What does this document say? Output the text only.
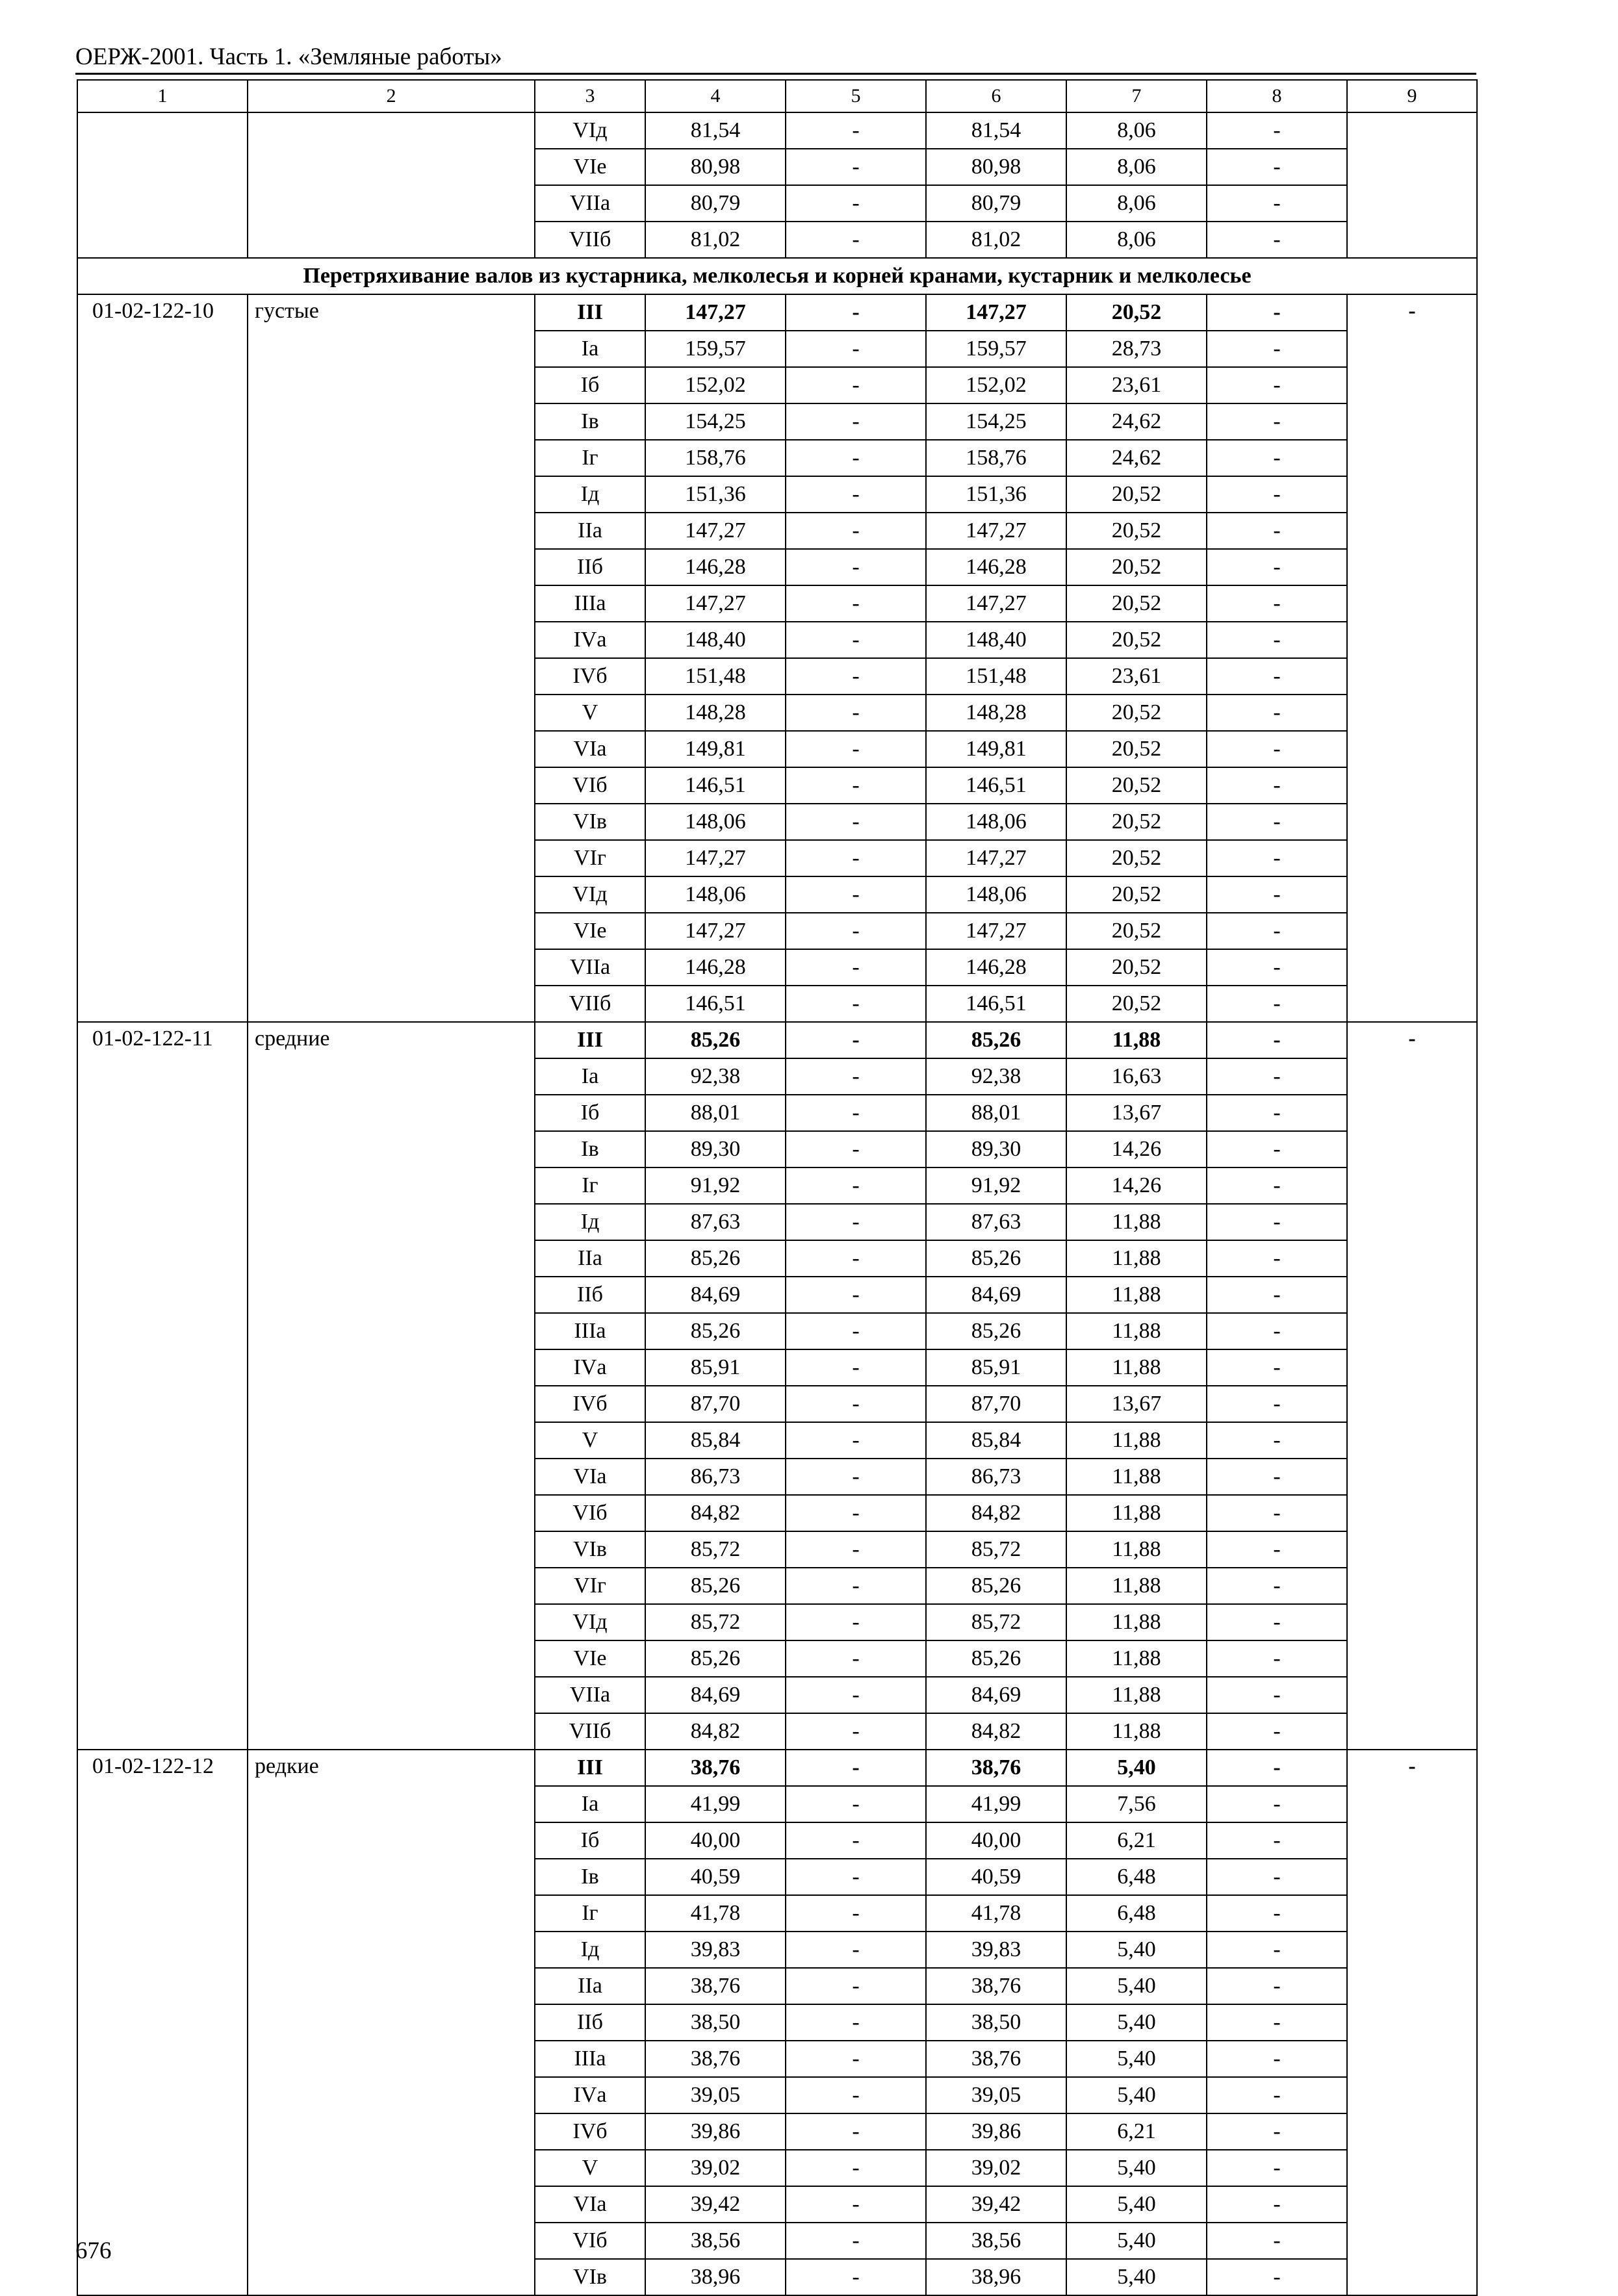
ОЕРЖ-2001. Часть 1. «Земляные работы»
1	2	3	4	5	6	7	8	9
		VIд	81,54	-	81,54	8,06	-	
		VIе	80,98	-	80,98	8,06	-	
		VIIа	80,79	-	80,79	8,06	-	
		VIIб	81,02	-	81,02	8,06	-	
Перетряхивание валов из кустарника, мелколесья и корней кранами, кустарник и мелколесье								
01-02-122-10	густые	III	147,27	-	147,27	20,52	-	-
		Iа	159,57	-	159,57	28,73	-	
		Iб	152,02	-	152,02	23,61	-	
		Iв	154,25	-	154,25	24,62	-	
		Iг	158,76	-	158,76	24,62	-	
		Iд	151,36	-	151,36	20,52	-	
		IIа	147,27	-	147,27	20,52	-	
		IIб	146,28	-	146,28	20,52	-	
		IIIа	147,27	-	147,27	20,52	-	
		IVа	148,40	-	148,40	20,52	-	
		IVб	151,48	-	151,48	23,61	-	
		V	148,28	-	148,28	20,52	-	
		VIа	149,81	-	149,81	20,52	-	
		VIб	146,51	-	146,51	20,52	-	
		VIв	148,06	-	148,06	20,52	-	
		VIг	147,27	-	147,27	20,52	-	
		VIд	148,06	-	148,06	20,52	-	
		VIе	147,27	-	147,27	20,52	-	
		VIIа	146,28	-	146,28	20,52	-	
		VIIб	146,51	-	146,51	20,52	-	
01-02-122-11	средние	III	85,26	-	85,26	11,88	-	-
		Iа	92,38	-	92,38	16,63	-	
		Iб	88,01	-	88,01	13,67	-	
		Iв	89,30	-	89,30	14,26	-	
		Iг	91,92	-	91,92	14,26	-	
		Iд	87,63	-	87,63	11,88	-	
		IIа	85,26	-	85,26	11,88	-	
		IIб	84,69	-	84,69	11,88	-	
		IIIа	85,26	-	85,26	11,88	-	
		IVа	85,91	-	85,91	11,88	-	
		IVб	87,70	-	87,70	13,67	-	
		V	85,84	-	85,84	11,88	-	
		VIа	86,73	-	86,73	11,88	-	
		VIб	84,82	-	84,82	11,88	-	
		VIв	85,72	-	85,72	11,88	-	
		VIг	85,26	-	85,26	11,88	-	
		VIд	85,72	-	85,72	11,88	-	
		VIе	85,26	-	85,26	11,88	-	
		VIIа	84,69	-	84,69	11,88	-	
		VIIб	84,82	-	84,82	11,88	-	
01-02-122-12	редкие	III	38,76	-	38,76	5,40	-	-
		Iа	41,99	-	41,99	7,56	-	
		Iб	40,00	-	40,00	6,21	-	
		Iв	40,59	-	40,59	6,48	-	
		Iг	41,78	-	41,78	6,48	-	
		Iд	39,83	-	39,83	5,40	-	
		IIа	38,76	-	38,76	5,40	-	
		IIб	38,50	-	38,50	5,40	-	
		IIIа	38,76	-	38,76	5,40	-	
		IVа	39,05	-	39,05	5,40	-	
		IVб	39,86	-	39,86	6,21	-	
		V	39,02	-	39,02	5,40	-	
		VIа	39,42	-	39,42	5,40	-	
		VIб	38,56	-	38,56	5,40	-	
		VIв	38,96	-	38,96	5,40	-	
676
